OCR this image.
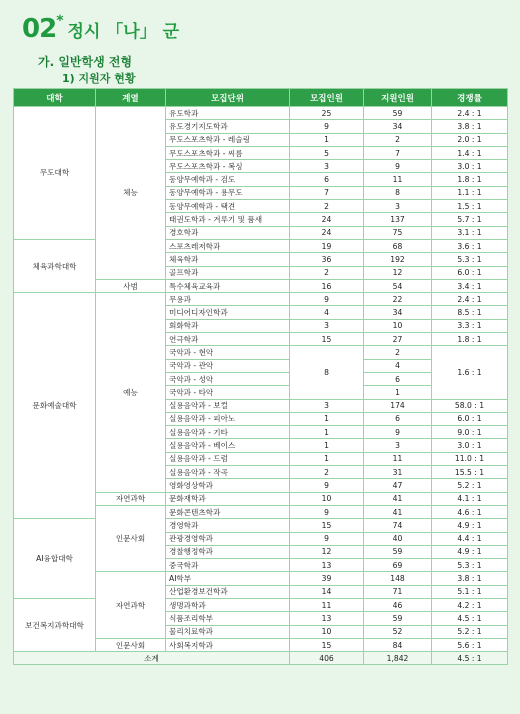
02 *
정시 「나」 군
가. 일반학생 전형
1) 지원자 현황
대학	계열	모집단위	모집인원	지원인원	경쟁률
무도대학	체능	유도학과	25	59	2.4 : 1
		유도경기지도학과	9	34	3.8 : 1
		무도스포츠학과 - 레슬링	1	2	2.0 : 1
		무도스포츠학과 - 씨름	5	7	1.4 : 1
		무도스포츠학과 - 복싱	3	9	3.0 : 1
		동양무예학과 - 검도	6	11	1.8 : 1
		동양무예학과 - 용무도	7	8	1.1 : 1
		동양무예학과 - 택견	2	3	1.5 : 1
		태권도학과 - 겨루기 및 품새	24	137	5.7 : 1
		경호학과	24	75	3.1 : 1
체육과학대학		스포츠레저학과	19	68	3.6 : 1
		체육학과	36	192	5.3 : 1
		골프학과	2	12	6.0 : 1
	사범	특수체육교육과	16	54	3.4 : 1
문화예술대학	예능	무용과	9	22	2.4 : 1
		미디어디자인학과	4	34	8.5 : 1
		회화학과	3	10	3.3 : 1
		연극학과	15	27	1.8 : 1
		국악과 - 현악	8	2	1.6 : 1
		국악과 - 관악		4	
		국악과 - 성악		6	
		국악과 - 타악		1	
		실용음악과 - 보컬	3	174	58.0 : 1
		실용음악과 - 피아노	1	6	6.0 : 1
		실용음악과 - 기타	1	9	9.0 : 1
		실용음악과 - 베이스	1	3	3.0 : 1
		실용음악과 - 드럼	1	11	11.0 : 1
		실용음악과 - 작곡	2	31	15.5 : 1
		영화영상학과	9	47	5.2 : 1
	자연과학	문화재학과	10	41	4.1 : 1
	인문사회	문화콘텐츠학과	9	41	4.6 : 1
AI융합대학		경영학과	15	74	4.9 : 1
		관광경영학과	9	40	4.4 : 1
		경찰행정학과	12	59	4.9 : 1
		중국학과	13	69	5.3 : 1
	자연과학	AI학부	39	148	3.8 : 1
		산업환경보건학과	14	71	5.1 : 1
보건복지과학대학		생명과학과	11	46	4.2 : 1
		식품조리학부	13	59	4.5 : 1
		물리치료학과	10	52	5.2 : 1
	인문사회	사회복지학과	15	84	5.6 : 1
소계			406	1,842	4.5 : 1
